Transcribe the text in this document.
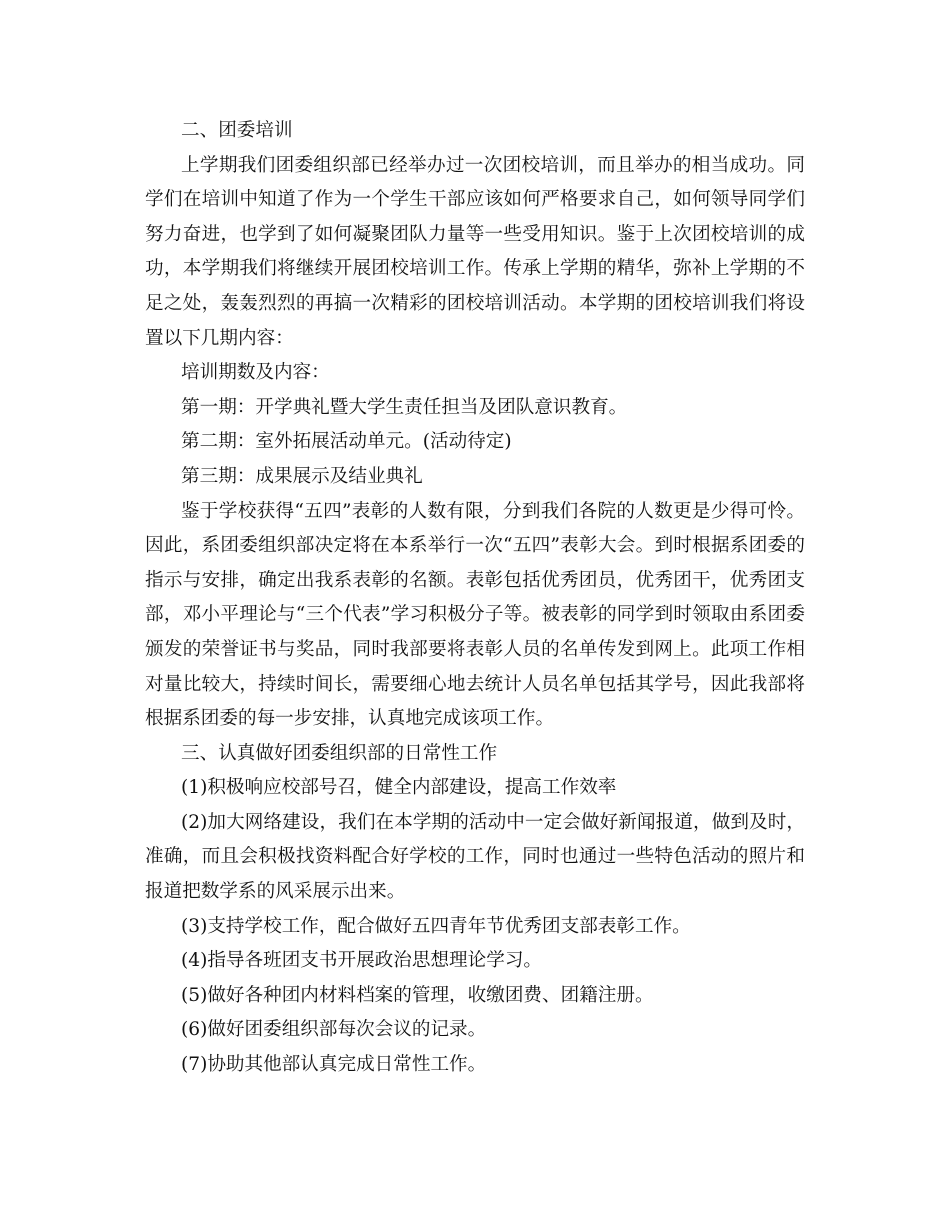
二、团委培训

上学期我们团委组织部已经举办过一次团校培训，而且举办的相当成功。同学们在培训中知道了作为一个学生干部应该如何严格要求自己，如何领导同学们努力奋进，也学到了如何凝聚团队力量等一些受用知识。鉴于上次团校培训的成功，本学期我们将继续开展团校培训工作。传承上学期的精华，弥补上学期的不足之处，轰轰烈烈的再搞一次精彩的团校培训活动。本学期的团校培训我们将设置以下几期内容：

培训期数及内容：

第一期：开学典礼暨大学生责任担当及团队意识教育。

第二期：室外拓展活动单元。(活动待定)

第三期：成果展示及结业典礼

鉴于学校获得“五四”表彰的人数有限，分到我们各院的人数更是少得可怜。因此，系团委组织部决定将在本系举行一次“五四”表彰大会。到时根据系团委的指示与安排，确定出我系表彰的名额。表彰包括优秀团员，优秀团干，优秀团支部，邓小平理论与“三个代表”学习积极分子等。被表彰的同学到时领取由系团委颁发的荣誉证书与奖品，同时我部要将表彰人员的名单传发到网上。此项工作相对量比较大，持续时间长，需要细心地去统计人员名单包括其学号，因此我部将根据系团委的每一步安排，认真地完成该项工作。

三、认真做好团委组织部的日常性工作

(1)积极响应校部号召，健全内部建设，提高工作效率

(2)加大网络建设，我们在本学期的活动中一定会做好新闻报道，做到及时，准确，而且会积极找资料配合好学校的工作，同时也通过一些特色活动的照片和报道把数学系的风采展示出来。

(3)支持学校工作，配合做好五四青年节优秀团支部表彰工作。

(4)指导各班团支书开展政治思想理论学习。

(5)做好各种团内材料档案的管理，收缴团费、团籍注册。

(6)做好团委组织部每次会议的记录。

(7)协助其他部认真完成日常性工作。
